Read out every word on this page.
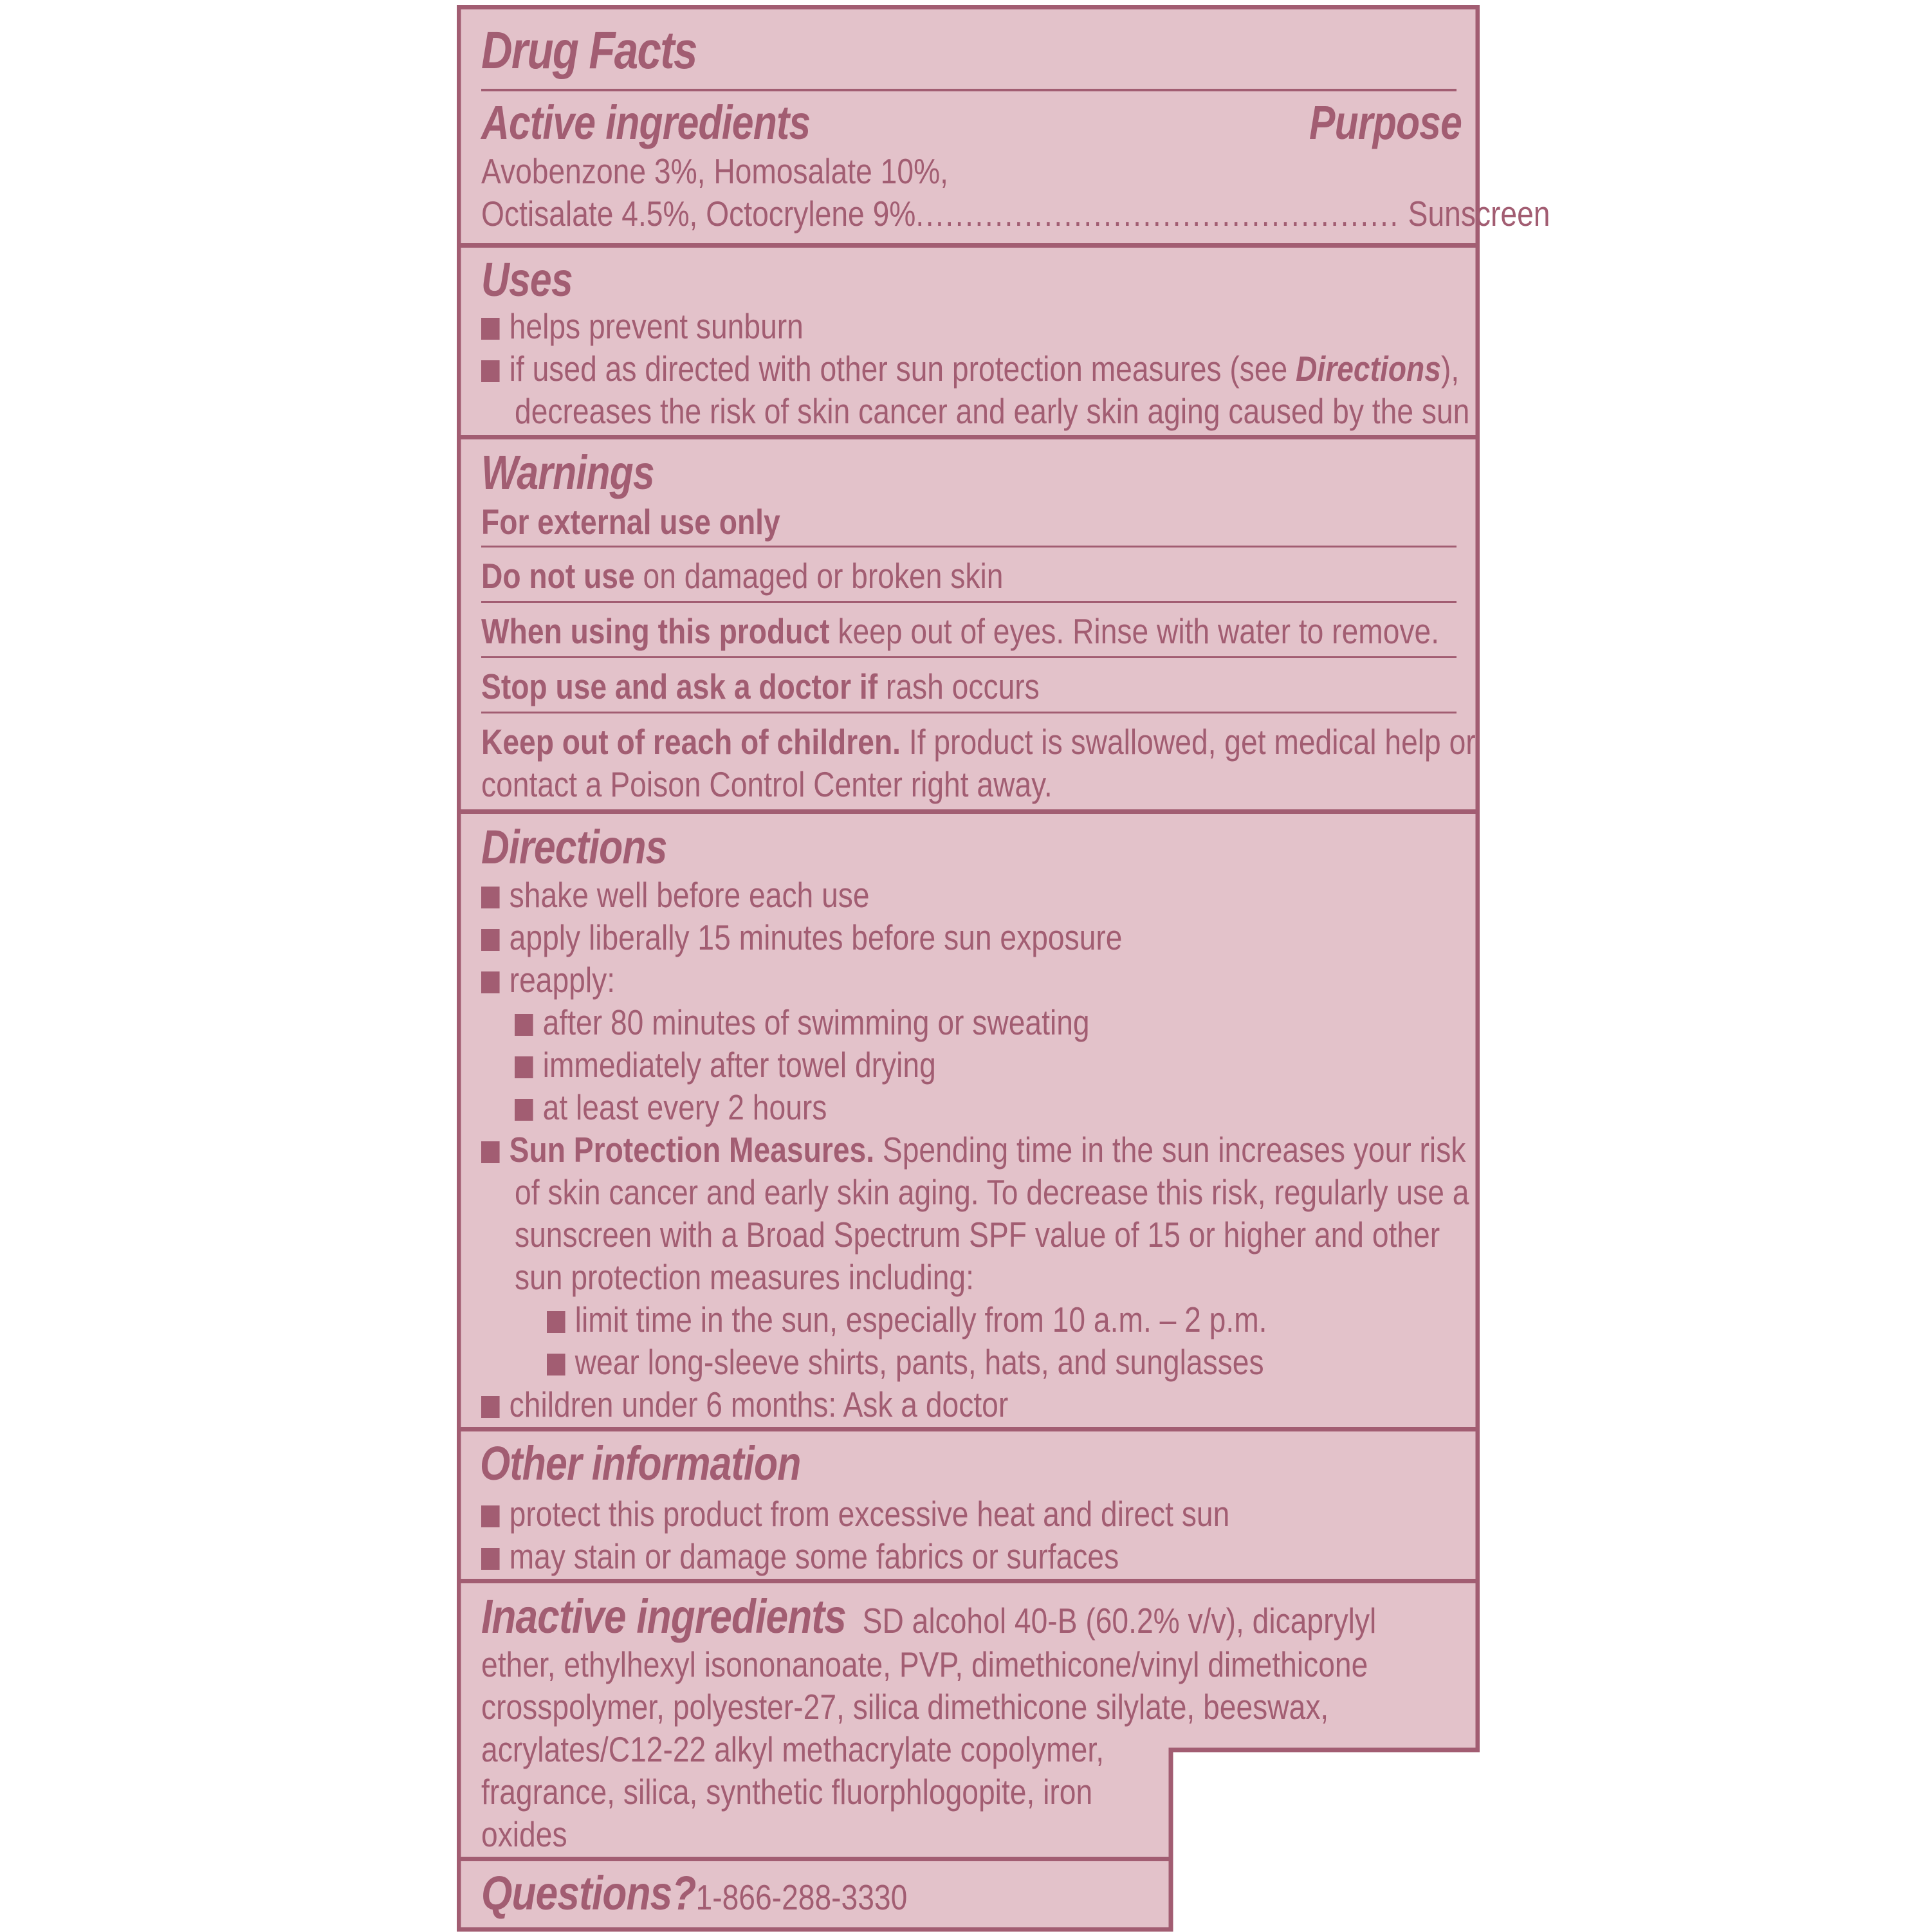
Drug Facts
Active ingredients	Purpose
Avobenzone 3%, Homosalate 10%,
Octisalate 4.5%, Octocrylene 9%................................................. Sunscreen
Uses
helps prevent sunburn
if used as directed with other sun protection measures (see Directions),
decreases the risk of skin cancer and early skin aging caused by the sun
Warnings
For external use only
Do not use on damaged or broken skin
When using this product keep out of eyes. Rinse with water to remove.
Stop use and ask a doctor if rash occurs
Keep out of reach of children. If product is swallowed, get medical help or
contact a Poison Control Center right away.
Directions
shake well before each use
apply liberally 15 minutes before sun exposure
reapply:
after 80 minutes of swimming or sweating
immediately after towel drying
at least every 2 hours
Sun Protection Measures. Spending time in the sun increases your risk
of skin cancer and early skin aging. To decrease this risk, regularly use a
sunscreen with a Broad Spectrum SPF value of 15 or higher and other
sun protection measures including:
limit time in the sun, especially from 10 a.m. – 2 p.m.
wear long-sleeve shirts, pants, hats, and sunglasses
children under 6 months: Ask a doctor
Other information
protect this product from excessive heat and direct sun
may stain or damage some fabrics or surfaces
Inactive ingredients SD alcohol 40-B (60.2% v/v), dicaprylyl
ether, ethylhexyl isononanoate, PVP, dimethicone/vinyl dimethicone
crosspolymer, polyester-27, silica dimethicone silylate, beeswax,
acrylates/C12-22 alkyl methacrylate copolymer,
fragrance, silica, synthetic fluorphlogopite, iron
oxides
Questions?1-866-288-3330
